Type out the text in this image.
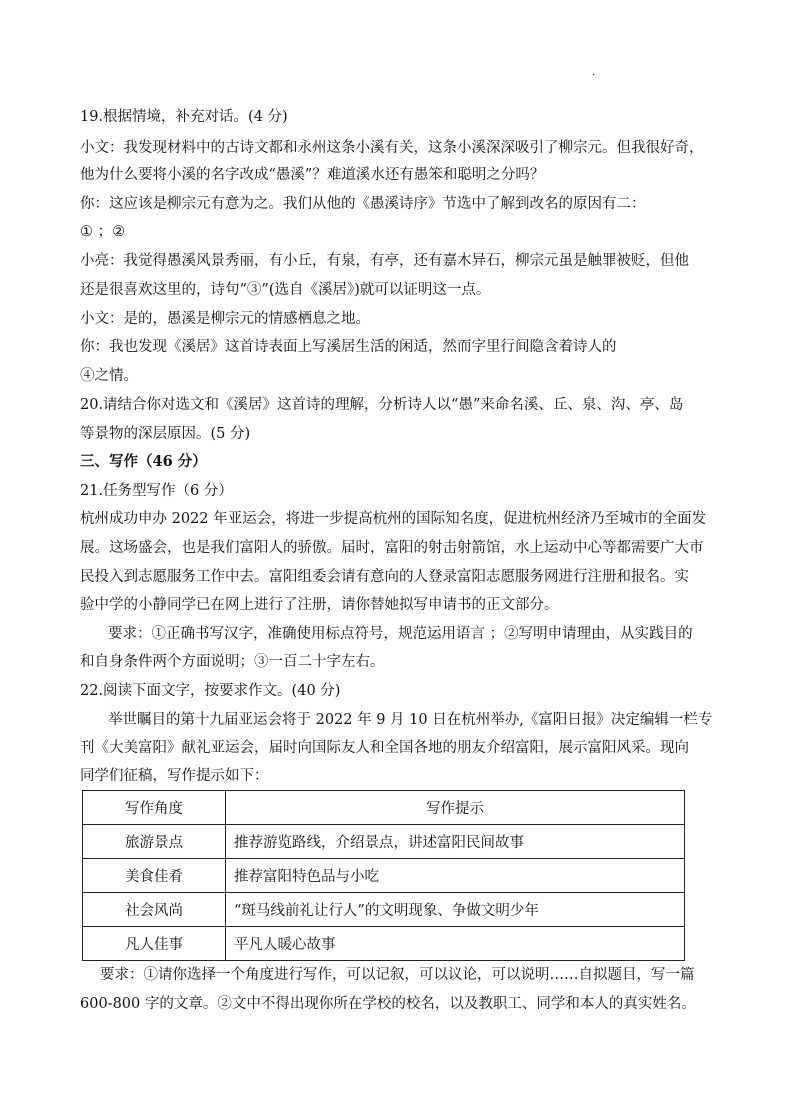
·
19.根据情境，补充对话。(4 分)
小文：我发现材料中的古诗文都和永州这条小溪有关，这条小溪深深吸引了柳宗元。但我很好奇，
他为什么要将小溪的名字改成“愚溪”？难道溪水还有愚笨和聪明之分吗？
你：这应该是柳宗元有意为之。我们从他的《愚溪诗序》节选中了解到改名的原因有二：
① ；②
小亮：我觉得愚溪风景秀丽，有小丘，有泉，有亭，还有嘉木异石，柳宗元虽是触罪被贬，但他
还是很喜欢这里的，诗句“③”(选自《溪居》)就可以证明这一点。
小文：是的，愚溪是柳宗元的情感栖息之地。
你：我也发现《溪居》这首诗表面上写溪居生活的闲适，然而字里行间隐含着诗人的
④之情。
20.请结合你对选文和《溪居》这首诗的理解，分析诗人以“愚”来命名溪、丘、泉、沟、亭、岛
等景物的深层原因。(5 分)
三、写作（46 分）
21.任务型写作（6 分）
杭州成功申办 2022 年亚运会，将进一步提高杭州的国际知名度，促进杭州经济乃至城市的全面发
展。这场盛会，也是我们富阳人的骄傲。届时，富阳的射击射箭馆，水上运动中心等都需要广大市
民投入到志愿服务工作中去。富阳组委会请有意向的人登录富阳志愿服务网进行注册和报名。实
验中学的小静同学已在网上进行了注册，请你替她拟写申请书的正文部分。
要求：①正确书写汉字，准确使用标点符号，规范运用语言 ；②写明申请理由，从实践目的
和自身条件两个方面说明；③一百二十字左右。
22.阅读下面文字，按要求作文。(40 分)
举世瞩目的第十九届亚运会将于 2022 年 9 月 10 日在杭州举办,《富阳日报》决定编辑一栏专
刊《大美富阳》献礼亚运会，届时向国际友人和全国各地的朋友介绍富阳，展示富阳风采。现向
同学们征稿，写作提示如下：
写作角度	写作提示
旅游景点	推荐游览路线，介绍景点，讲述富阳民间故事
美食佳肴	推荐富阳特色品与小吃
社会风尚	“斑马线前礼让行人”的文明现象、争做文明少年
凡人佳事	平凡人暖心故事
要求：①请你选择一个角度进行写作，可以记叙，可以议论，可以说明……自拟题目，写一篇
600-800 字的文章。②文中不得出现你所在学校的校名，以及教职工、同学和本人的真实姓名。
